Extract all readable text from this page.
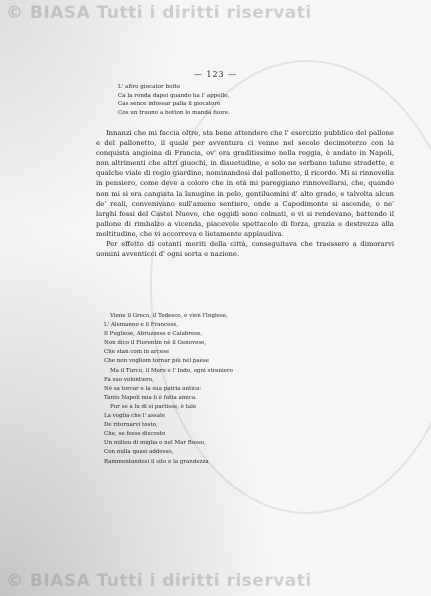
© BIASA Tutti i diritti riservati
— 123 —
L' altro giocator botte
Ca la ronda dapoi quando ha l' appello,
Cas sence infossar palla il giocatore
Cos un truono a botton lo manda fuore.

Innanzi che mi faccia oltre, sta bene attendere che l' esercizio pubblico del pallone e del pallonetto, il quale per avventura ci venne nel secolo decimoterzo con la conquista angioina di Francia, ov' era graditissimo nella reggia, è andato in Napoli, non altrimenti che altri giuochi, in disuetudine, e solo ne serbano talune stradette, e qualche viale di regio giardino, nominandosi dal pallonetto, il ricordo. Mi si rinnovella in pensiero, come deve a coloro che in età mi pareggiano rinnovellarsi, che, quando non mi si era cangiata la lanugine in pelo, gentiluomini d' alto grado, e talvolta alcun de' reali, convenivano sull'ameno sentiero, onde a Capodimonte si ascende, o ne' larghi fossi del Castel Nuovo, che oggidì sono colmati, e vi si rendevano, battendo il pallone di rimbalzo a vicenda, piacevole spettacolo di forza, grazia e destrezza alla moltitudine, che vi accorreva e lietamente applaudiva.

Per effetto di cotanti meriti della città, conseguitava che traessero a dimorarvi uomini avventicci d' ogni sorta e nazione.

Viene il Greco, il Tedesco, e vien l'Inglese,
L' Alemanno e il Francese,
Il Pugliese, Abruzzese e Calabrese,
Non dico il Fiorentin nè il Genovese,
Che stan com in arcese
Che non vogliom tornar più nel paese
Ma il Turco, il Moro e l' Indo, ogni straniero
Fa suo volontiero,
Nè sa torcar e la sua patria antica:
Tanto Napoli mia li è fatta amica.
Pur se a lu di si partisse, è tale
La voglia che l' assale
De ritornarvi tosto,
Che, se fosse discosto
Un miliou di miglia o nel Mar Rosso,
Con nulla quasi addosso,
Rammentandosi il sito e la grandezza
© BIASA Tutti i diritti riservati
